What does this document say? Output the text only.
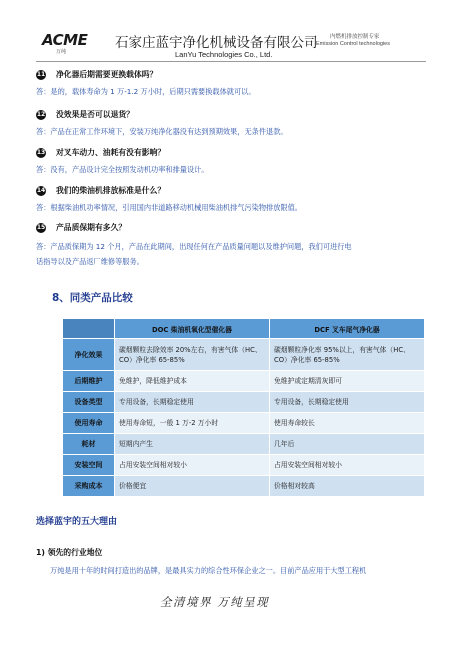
ACME
万纯
石家庄蓝宇净化机械设备有限公司
LanYu Technologies Co., Ltd.
内燃机排放控制专家
Emission Control technologies
11 净化器后期需要更换载体吗？
答：是的，载体寿命为 1 万-1.2 万小时，后期只需要换载体就可以。
12 没效果是否可以退货？
答：产品在正常工作环境下，安装万纯净化器没有达到预期效果，无条件退款。
13 对叉车动力、油耗有没有影响？
答：没有，产品设计完全按照发动机功率和排量设计。
14 我们的柴油机排放标准是什么？
答：根据柴油机功率情况，引用国内非道路移动机械用柴油机排气污染物排放限值。
15 产品质保期有多久？
答：产品质保期为 12 个月，产品在此期间，出现任何在产品质量问题以及维护问题，我们可进行电
话指导以及产品返厂维修等服务。
8、同类产品比较
	DOC 柴油机氧化型催化器	DCF 叉车尾气净化器
净化效果	碳烟颗粒去除效率 20%左右，有害气体（HC、CO）净化率 65-85%	碳烟颗粒净化率 95%以上，有害气体（HC、CO）净化率 65-85%
后期维护	免维护，降低维护成本	免维护或定期清灰即可
设备类型	专用设备，长期稳定使用	专用设备，长期稳定使用
使用寿命	使用寿命短，一般 1 万-2 万小时	使用寿命较长
耗材	短期内产生	几年后
安装空间	占用安装空间相对较小	占用安装空间相对较小
采购成本	价格便宜	价格相对较高
选择蓝宇的五大理由
1) 领先的行业地位
万纯是用十年的时间打造出的品牌，是最具实力的综合性环保企业之一。目前产品应用于大型工程机
全清境界 万纯呈现
